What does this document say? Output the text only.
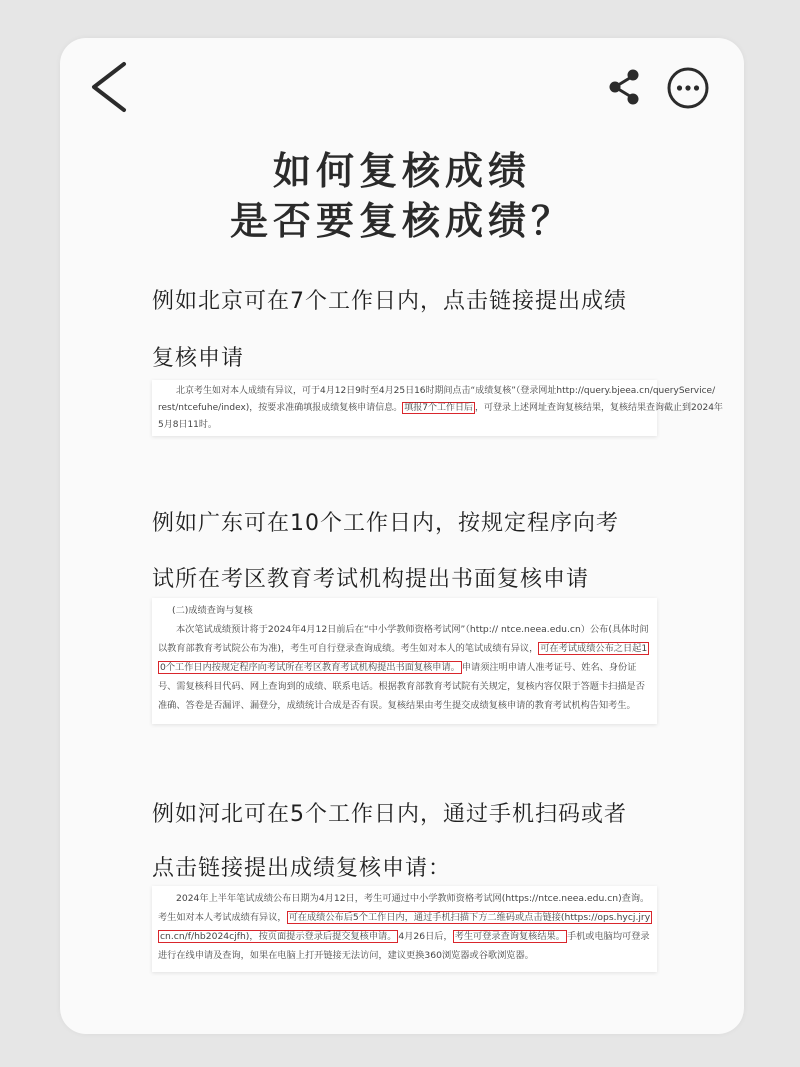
如何复核成绩
是否要复核成绩？
例如北京可在7个工作日内，点击链接提出成绩
复核申请
北京考生如对本人成绩有异议，可于4月12日9时至4月25日16时期间点击“成绩复核”（登录网址http://query.bjeea.cn/queryService/
rest/ntcefuhe/index)，按要求准确填报成绩复核申请信息。 填报7个工作日后 ，可登录上述网址查询复核结果，复核结果查询截止到2024年
5月8日11时。
例如广东可在10个工作日内，按规定程序向考
试所在考区教育考试机构提出书面复核申请
(二)成绩查询与复核
本次笔试成绩预计将于2024年4月12日前后在“中小学教师资格考试网”（http:// ntce.neea.edu.cn）公布(具体时间
以教育部教育考试院公布为准)，考生可自行登录查询成绩。考生如对本人的笔试成绩有异议， 可在考试成绩公布之日起1
0个工作日内按规定程序向考试所在考区教育考试机构提出书面复核申请。 申请须注明申请人准考证号、姓名、身份证
号、需复核科目代码、网上查询到的成绩、联系电话。根据教育部教育考试院有关规定，复核内容仅限于答题卡扫描是否
准确、答卷是否漏评、漏登分，成绩统计合成是否有误。复核结果由考生提交成绩复核申请的教育考试机构告知考生。
例如河北可在5个工作日内，通过手机扫码或者
点击链接提出成绩复核申请：
2024年上半年笔试成绩公布日期为4月12日，考生可通过中小学教师资格考试网(https://ntce.neea.edu.cn)查询。
考生如对本人考试成绩有异议， 可在成绩公布后5个工作日内，通过手机扫描下方二维码或点击链接(https://ops.hycj.jry
cn.cn/f/hb2024cjfh)，按页面提示登录后提交复核申请。 4月26日后， 考生可登录查询复核结果。 手机或电脑均可登录
进行在线申请及查询，如果在电脑上打开链接无法访问，建议更换360浏览器或谷歌浏览器。
